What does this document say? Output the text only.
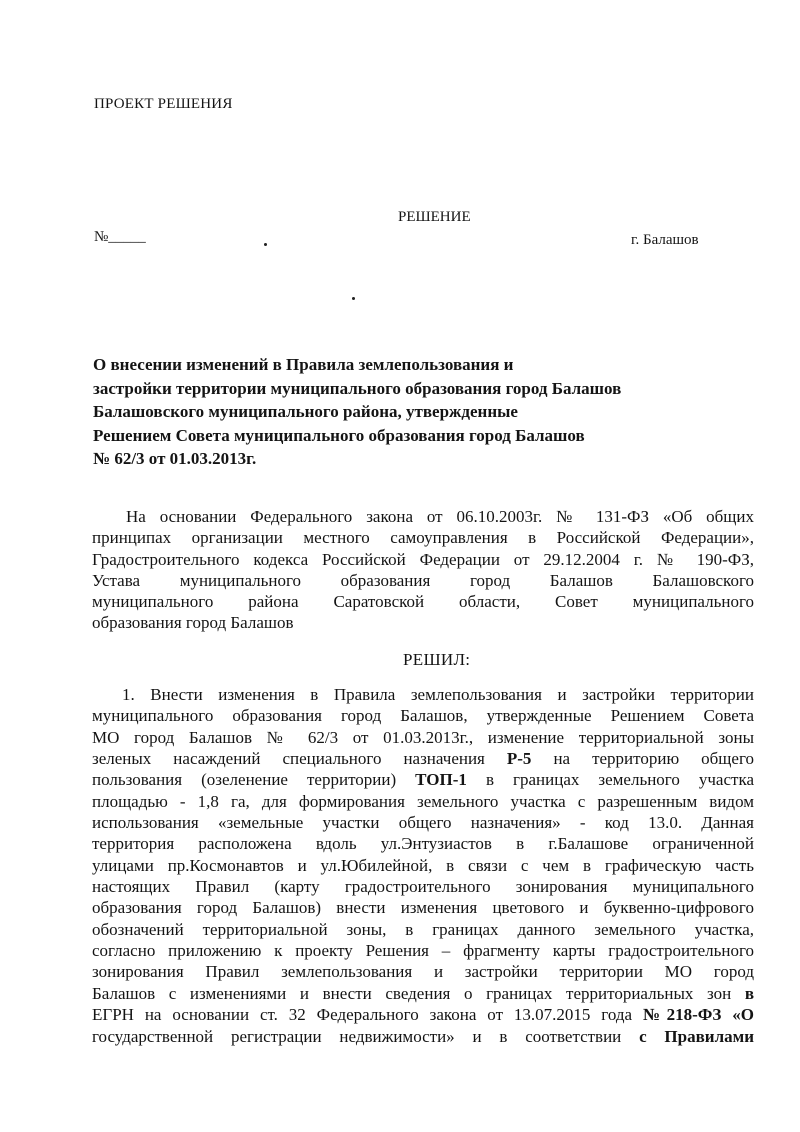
ПРОЕКТ РЕШЕНИЯ
РЕШЕНИЕ
№_____	г. Балашов
О внесении изменений в Правила землепользования и
застройки территории муниципального образования город Балашов
Балашовского муниципального района, утвержденные
Решением Совета муниципального образования город Балашов
№ 62/3 от 01.03.2013г.
На основании Федерального закона от 06.10.2003г. № 131-ФЗ «Об общих
принципах организации местного самоуправления в Российской Федерации»,
Градостроительного кодекса Российской Федерации от 29.12.2004 г. № 190-ФЗ,
Устава муниципального образования город Балашов Балашовского
муниципального района Саратовской области, Совет муниципального
образования город Балашов
РЕШИЛ:
1. Внести изменения в Правила землепользования и застройки территории
муниципального образования город Балашов, утвержденные Решением Совета
МО город Балашов № 62/3 от 01.03.2013г., изменение территориальной зоны
зеленых насаждений специального назначения Р-5 на территорию общего
пользования (озеленение территории) ТОП-1 в границах земельного участка
площадью - 1,8 га, для формирования земельного участка с разрешенным видом
использования «земельные участки общего назначения» - код 13.0. Данная
территория расположена вдоль ул.Энтузиастов в г.Балашове ограниченной
улицами пр.Космонавтов и ул.Юбилейной, в связи с чем в графическую часть
настоящих Правил (карту градостроительного зонирования муниципального
образования город Балашов) внести изменения цветового и буквенно-цифрового
обозначений территориальной зоны, в границах данного земельного участка,
согласно приложению к проекту Решения – фрагменту карты градостроительного
зонирования Правил землепользования и застройки территории МО город
Балашов с изменениями и внести сведения о границах территориальных зон в
ЕГРН на основании ст. 32 Федерального закона от 13.07.2015 года №218-ФЗ «О
государственной регистрации недвижимости» и в соответствии с Правилами
